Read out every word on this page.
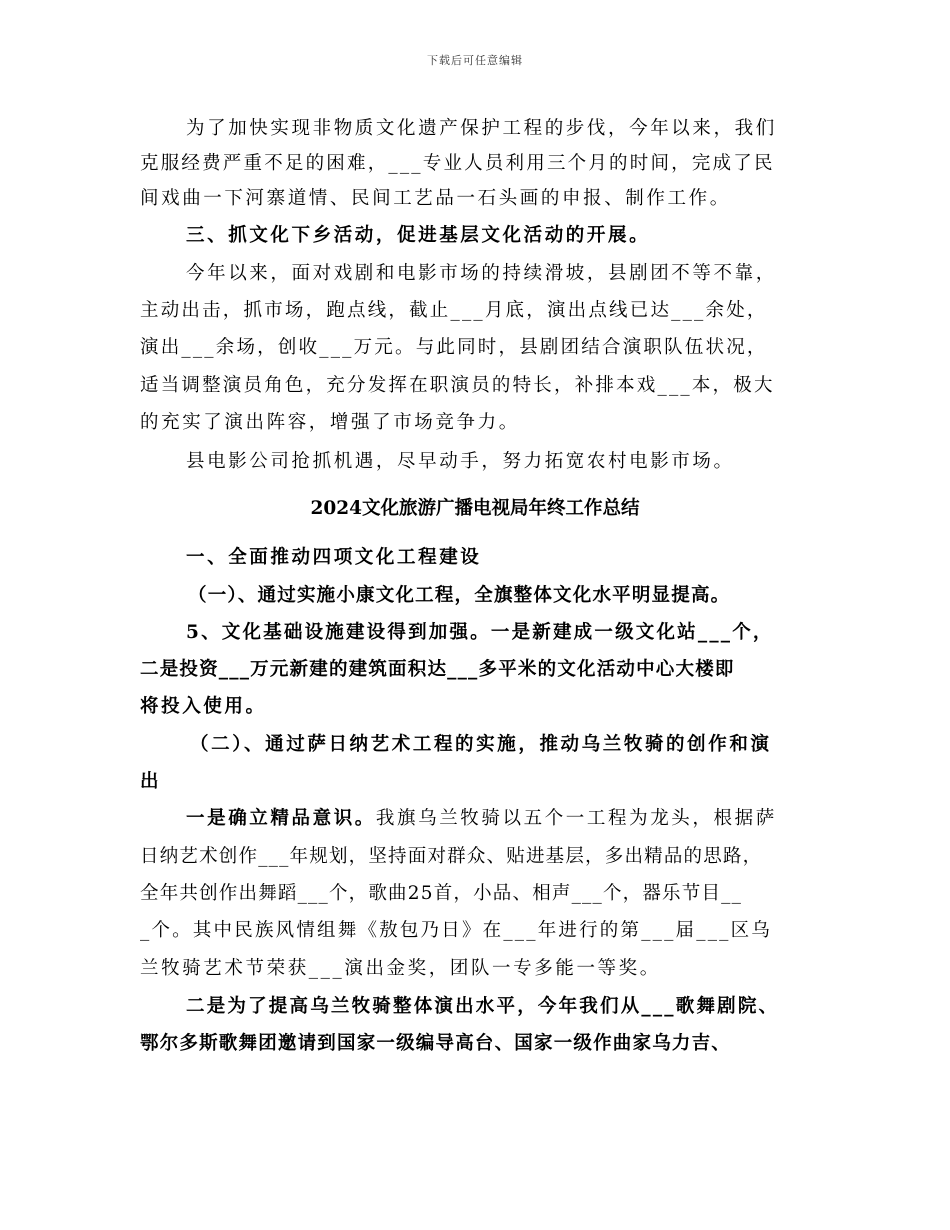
下载后可任意编辑
为了加快实现非物质文化遗产保护工程的步伐，今年以来，我们
克服经费严重不足的困难，___专业人员利用三个月的时间，完成了民
间戏曲一下河寨道情、民间工艺品一石头画的申报、制作工作。
三、抓文化下乡活动，促进基层文化活动的开展。
今年以来，面对戏剧和电影市场的持续滑坡，县剧团不等不靠，
主动出击，抓市场，跑点线，截止___月底，演出点线已达___余处，
演出___余场，创收___万元。与此同时，县剧团结合演职队伍状况，
适当调整演员角色，充分发挥在职演员的特长，补排本戏___本，极大
的充实了演出阵容，增强了市场竞争力。
县电影公司抢抓机遇，尽早动手，努力拓宽农村电影市场。
2024文化旅游广播电视局年终工作总结
一、全面推动四项文化工程建设
（一）、通过实施小康文化工程，全旗整体文化水平明显提高。
5、文化基础设施建设得到加强。一是新建成一级文化站___个，
二是投资___万元新建的建筑面积达___多平米的文化活动中心大楼即
将投入使用。
（二）、通过萨日纳艺术工程的实施，推动乌兰牧骑的创作和演
出
一是确立精品意识。我旗乌兰牧骑以五个一工程为龙头，根据萨
日纳艺术创作___年规划，坚持面对群众、贴进基层，多出精品的思路，
全年共创作出舞蹈___个，歌曲25首，小品、相声___个，器乐节目__
_个。其中民族风情组舞《敖包乃日》在___年进行的第___届___区乌
兰牧骑艺术节荣获___演出金奖，团队一专多能一等奖。
二是为了提高乌兰牧骑整体演出水平，今年我们从___歌舞剧院、
鄂尔多斯歌舞团邀请到国家一级编导高台、国家一级作曲家乌力吉、
